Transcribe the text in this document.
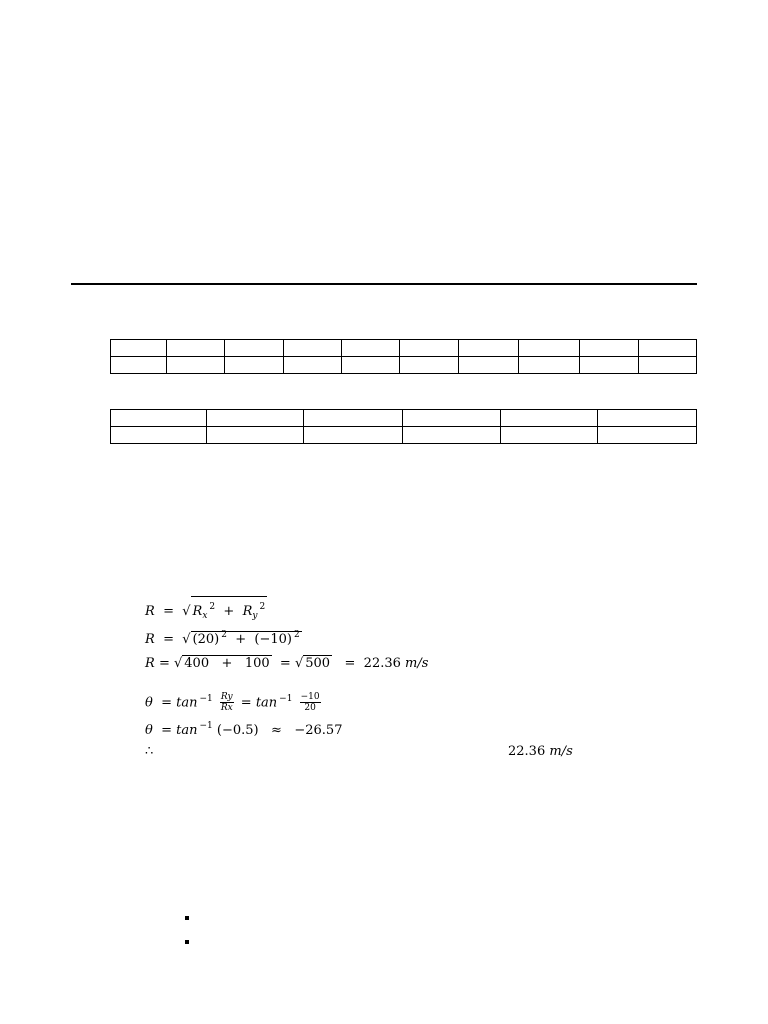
R = √ $R_x^2 + R_y^2$
R = √ (20) $^2$ + (−10) $^2$
R = √ 400 + 100 = √ 500 = 22.36 m/s
$\theta = \tan ^{-1} \frac{Ry}{Rx} = \tan ^{-1} \frac{-10}{20}$
θ = tan $^{-1}$ (−0.5) ≈ −26.57
∴	22.36 m/s
